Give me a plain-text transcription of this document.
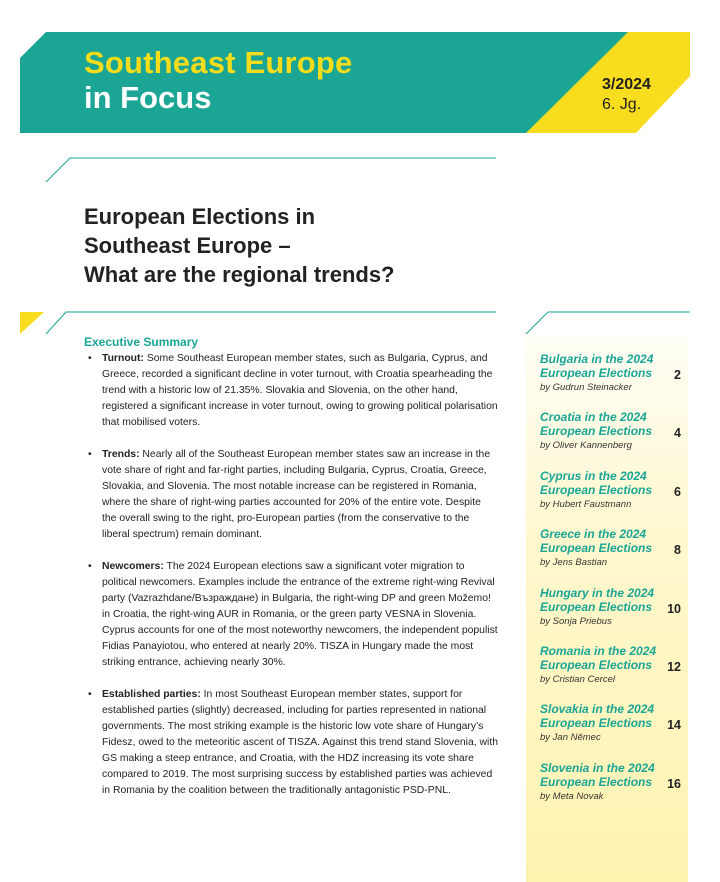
Southeast Europe
in Focus	3/2024
6. Jg.
European Elections in
Southeast Europe –
What are the regional trends?
Executive Summary
• Turnout: Some Southeast European member states, such as Bulgaria, Cyprus, and Greece, recorded a significant decline in voter turnout, with Croatia spearheading the trend with a historic low of 21.35%. Slovakia and Slovenia, on the other hand, registered a significant increase in voter turnout, owing to growing political polarisation that mobilised voters.
• Trends: Nearly all of the Southeast European member states saw an increase in the vote share of right and far-right parties, including Bulgaria, Cyprus, Croatia, Greece, Slovakia, and Slovenia. The most notable increase can be registered in Romania, where the share of right-wing parties accounted for 20% of the entire vote. Despite the overall swing to the right, pro-European parties (from the conservative to the liberal spectrum) remain dominant.
• Newcomers: The 2024 European elections saw a significant voter migration to political newcomers. Examples include the entrance of the extreme right-wing Revival party (Vazrazhdane/Възраждане) in Bulgaria, the right-wing DP and green Možemo! in Croatia, the right-wing AUR in Romania, or the green party VESNA in Slovenia. Cyprus accounts for one of the most noteworthy newcomers, the independent populist Fidias Panayiotou, who entered at nearly 20%. TISZA in Hungary made the most striking entrance, achieving nearly 30%.
• Established parties: In most Southeast European member states, support for established parties (slightly) decreased, including for parties represented in national governments. The most striking example is the historic low vote share of Hungary’s Fidesz, owed to the meteoritic ascent of TISZA. Against this trend stand Slovenia, with GS making a steep entrance, and Croatia, with the HDZ increasing its vote share compared to 2019. The most surprising success by established parties was achieved in Romania by the coalition between the traditionally antagonistic PSD-PNL.
Bulgaria in the 2024
European Elections
by Gudrun Steinacker
2
Croatia in the 2024
European Elections
by Oliver Kannenberg
4
Cyprus in the 2024
European Elections
by Hubert Faustmann
6
Greece in the 2024
European Elections
by Jens Bastian
8
Hungary in the 2024
European Elections
by Sonja Priebus
10
Romania in the 2024
European Elections
by Cristian Cercel
12
Slovakia in the 2024
European Elections
by Jan Němec
14
Slovenia in the 2024
European Elections
by Meta Novak
16
